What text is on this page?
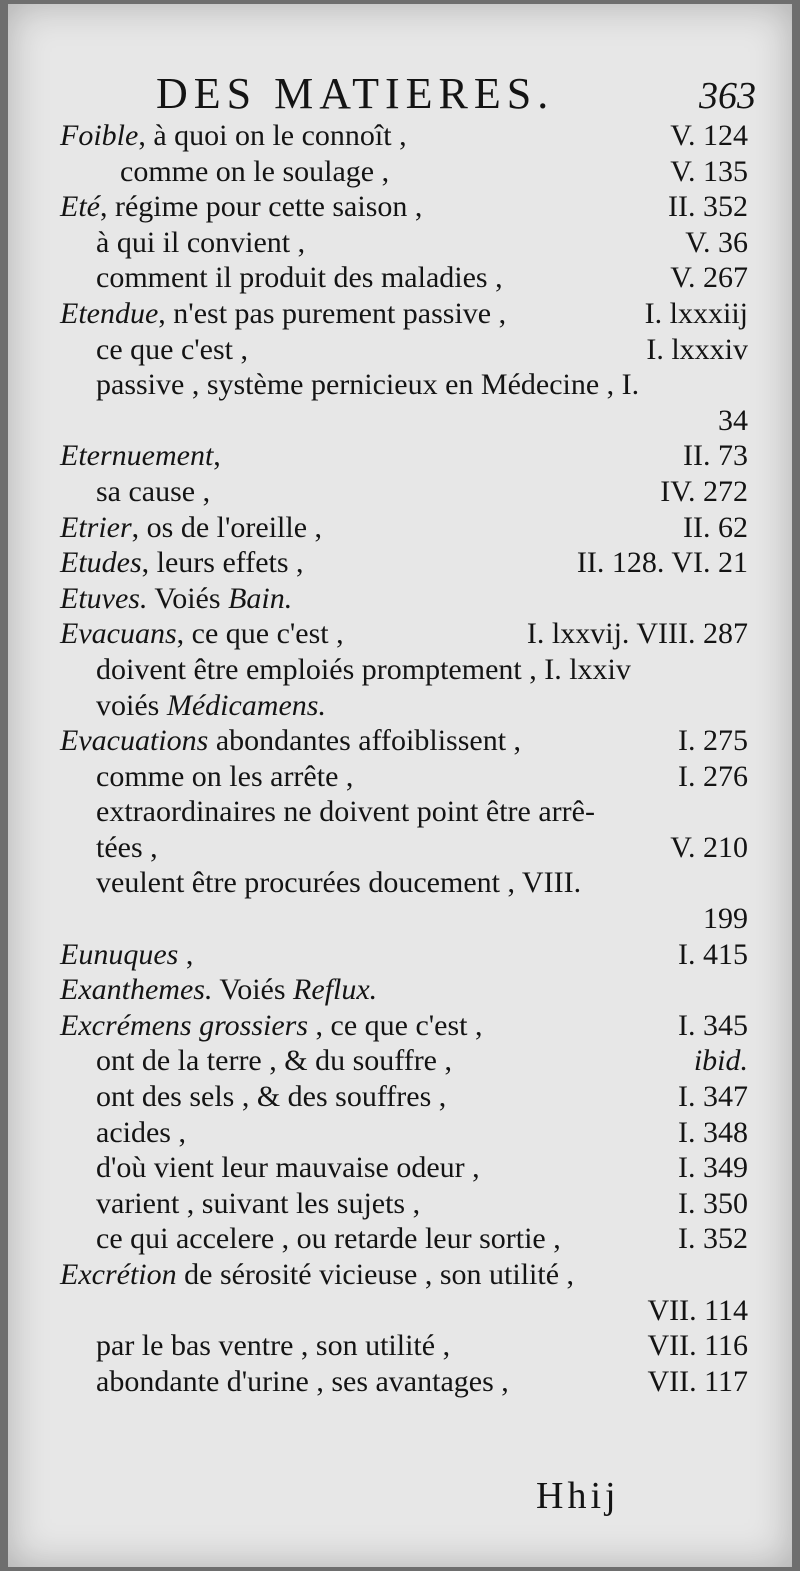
DES MATIERES.	363
Foible, à quoi on le connoît ,	V. 124
comme on le soulage ,	V. 135
Eté, régime pour cette saison ,	II. 352
à qui il convient ,	V. 36
comment il produit des maladies ,	V. 267
Etendue, n'est pas purement passive ,	I. lxxxiij
ce que c'est ,	I. lxxxiv
passive , système pernicieux en Médecine , I.
34
Eternuement,	II. 73
sa cause ,	IV. 272
Etrier, os de l'oreille ,	II. 62
Etudes, leurs effets ,	II. 128. VI. 21
Etuves. Voiés Bain.
Evacuans, ce que c'est ,	I. lxxvij. VIII. 287
doivent être emploiés promptement , I. lxxiv
voiés Médicamens.
Evacuations abondantes affoiblissent ,	I. 275
comme on les arrête ,	I. 276
extraordinaires ne doivent point être arrê-
tées ,	V. 210
veulent être procurées doucement , VIII.
199
Eunuques ,	I. 415
Exanthemes. Voiés Reflux.
Excrémens grossiers , ce que c'est ,	I. 345
ont de la terre , & du souffre ,	ibid.
ont des sels , & des souffres ,	I. 347
acides ,	I. 348
d'où vient leur mauvaise odeur ,	I. 349
varient , suivant les sujets ,	I. 350
ce qui accelere , ou retarde leur sortie ,	I. 352
Excrétion de sérosité vicieuse , son utilité ,
VII. 114
par le bas ventre , son utilité ,	VII. 116
abondante d'urine , ses avantages ,	VII. 117
Hhij
